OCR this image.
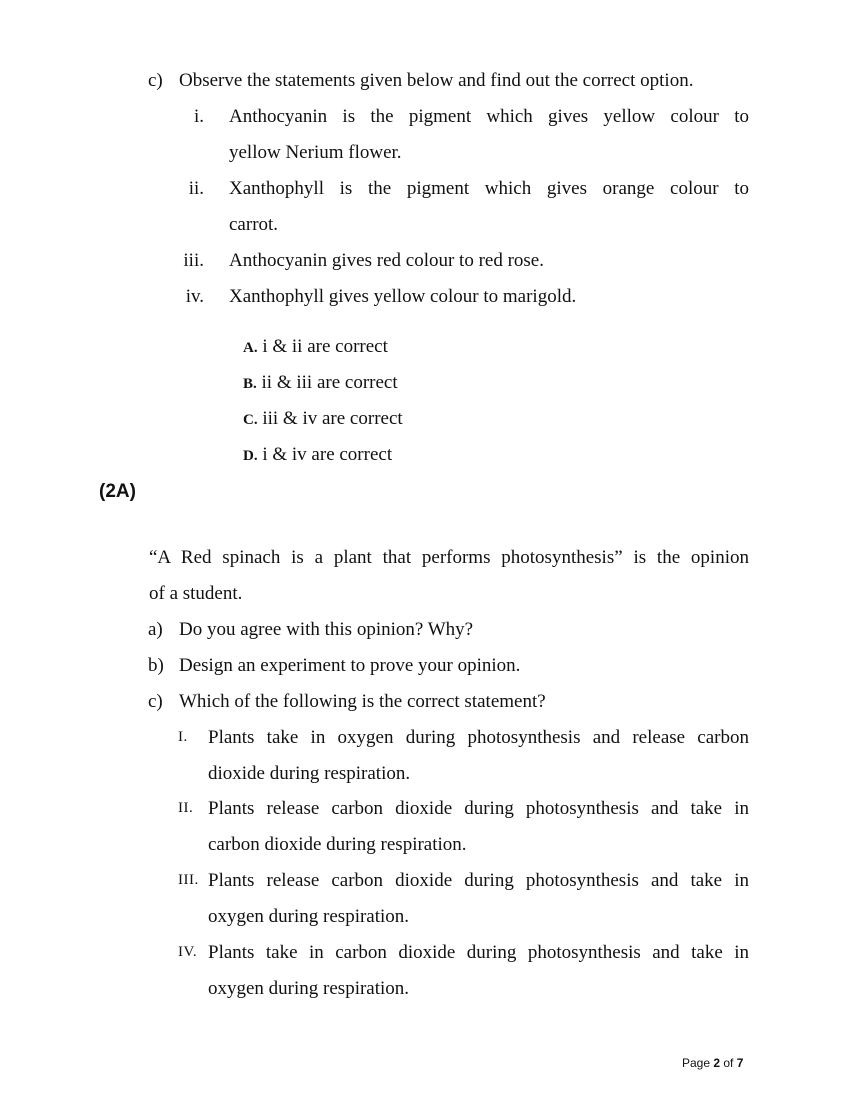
c) Observe the statements given below and find out the correct option.
i. Anthocyanin is the pigment which gives yellow colour to
yellow Nerium flower.
ii. Xanthophyll is the pigment which gives orange colour to
carrot.
iii. Anthocyanin gives red colour to red rose.
iv. Xanthophyll gives yellow colour to marigold.
A. i & ii are correct
B. ii & iii are correct
C. iii & iv are correct
D. i & iv are correct
(2A)
“A Red spinach is a plant that performs photosynthesis” is the opinion
of a student.
a) Do you agree with this opinion? Why?
b) Design an experiment to prove your opinion.
c) Which of the following is the correct statement?
I. Plants take in oxygen during photosynthesis and release carbon
dioxide during respiration.
II. Plants release carbon dioxide during photosynthesis and take in
carbon dioxide during respiration.
III. Plants release carbon dioxide during photosynthesis and take in
oxygen during respiration.
IV. Plants take in carbon dioxide during photosynthesis and take in
oxygen during respiration.
Page 2 of 7
